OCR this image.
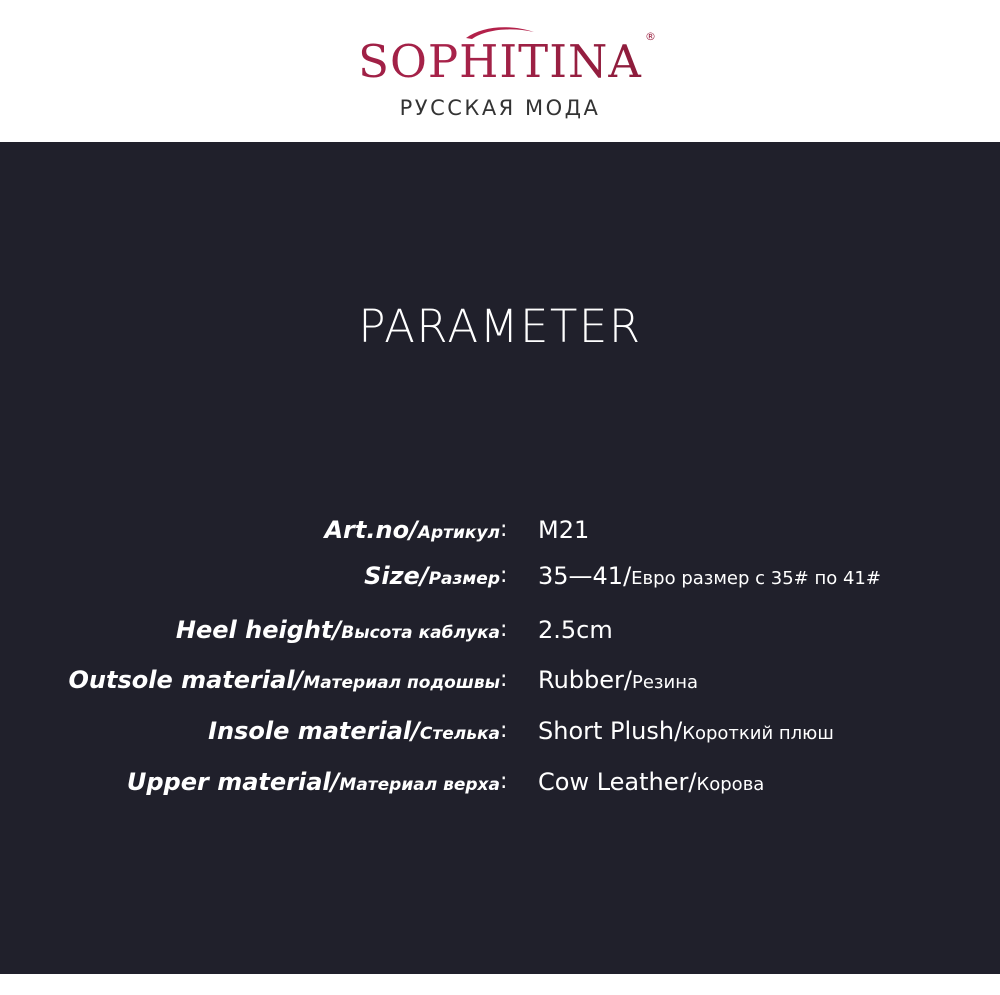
SOPHITINA ®
РУССКАЯ МОДА
PARAMETER
Art.no/Артикул : M21
Size/Размер : 35—41/Евро размер с 35# по 41#
Heel height/Высота каблука : 2.5cm
Outsole material/Материал подошвы : Rubber/Резина
Insole material/Стелька : Short Plush/Короткий плюш
Upper material/Материал верха : Cow Leather/Корова
